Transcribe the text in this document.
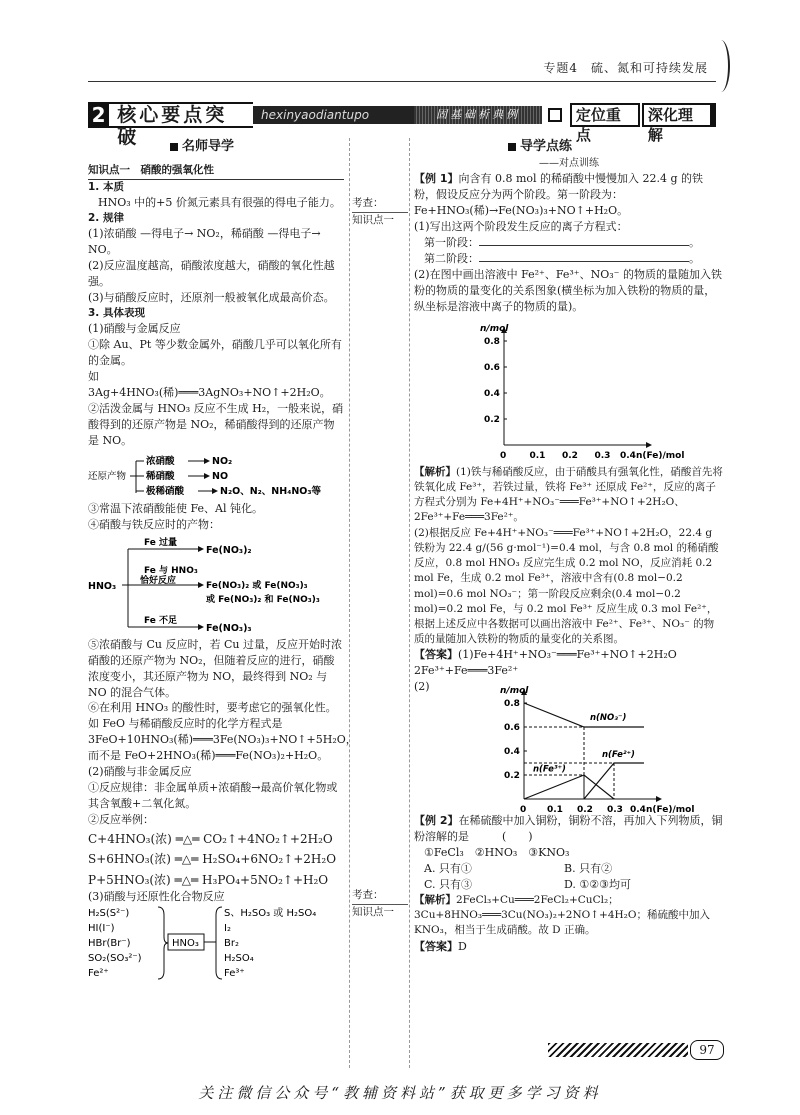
专题4　硫、氮和可持续发展
2 核心要点突破
hexinyaodiantupo	固基础析典例	定位重点
深化理解
考查：
知识点一
考查：
知识点一
名师导学
知识点一　硝酸的强氧化性

1. 本质

HNO₃ 中的+5 价氮元素具有很强的得电子能力。

2. 规律

(1)浓硝酸 —得电子→ NO₂，稀硝酸 —得电子→ NO。

(2)反应温度越高，硝酸浓度越大，硝酸的氧化性越强。

(3)与硝酸反应时，还原剂一般被氧化成最高价态。

3. 具体表现

(1)硝酸与金属反应

①除 Au、Pt 等少数金属外，硝酸几乎可以氧化所有的金属。

如 3Ag+4HNO₃(稀)═══3AgNO₃+NO↑+2H₂O。

②活泼金属与 HNO₃ 反应不生成 H₂，一般来说，硝酸得到的还原产物是 NO₂，稀硝酸得到的还原产物是 NO。

还原产物
浓硝酸
稀硝酸
极稀硝酸
NO₂
NO
N₂O、N₂、NH₄NO₃等

③常温下浓硝酸能使 Fe、Al 钝化。

④硝酸与铁反应时的产物：

HNO₃
Fe 过量
Fe 与 HNO₃
恰好反应
Fe 不足
Fe(NO₃)₂
Fe(NO₃)₂ 或 Fe(NO₃)₃
或 Fe(NO₃)₂ 和 Fe(NO₃)₃
Fe(NO₃)₃

⑤浓硝酸与 Cu 反应时，若 Cu 过量，反应开始时浓硝酸的还原产物为 NO₂，但随着反应的进行，硝酸浓度变小，其还原产物为 NO，最终得到 NO₂ 与 NO 的混合气体。

⑥在利用 HNO₃ 的酸性时，要考虑它的强氧化性。如 FeO 与稀硝酸反应时的化学方程式是 3FeO+10HNO₃(稀)═══3Fe(NO₃)₃+NO↑+5H₂O，而不是 FeO+2HNO₃(稀)═══Fe(NO₃)₂+H₂O。

(2)硝酸与非金属反应

①反应规律：非金属单质+浓硝酸→最高价氧化物或其含氧酸+二氧化氮。

②反应举例：

C+4HNO₃(浓) ═△═ CO₂↑+4NO₂↑+2H₂O

S+6HNO₃(浓) ═△═ H₂SO₄+6NO₂↑+2H₂O

P+5HNO₃(浓) ═△═ H₃PO₄+5NO₂↑+H₂O

(3)硝酸与还原性化合物反应

H₂S(S²⁻)
HI(I⁻)
HBr(Br⁻)
SO₂(SO₃²⁻)
Fe²⁺
HNO₃
S、H₂SO₃ 或 H₂SO₄
I₂
Br₂
H₂SO₄
Fe³⁺
导学点练

——对点训练

【例 1】向含有 0.8 mol 的稀硝酸中慢慢加入 22.4 g 的铁粉，假设反应分为两个阶段。第一阶段为：Fe+HNO₃(稀)→Fe(NO₃)₃+NO↑+H₂O。

(1)写出这两个阶段发生反应的离子方程式：

第一阶段：	。

第二阶段：	。

(2)在图中画出溶液中 Fe²⁺、Fe³⁺、NO₃⁻ 的物质的量随加入铁粉的物质的量变化的关系图象(横坐标为加入铁粉的物质的量，纵坐标是溶液中离子的物质的量)。

n/mol
n(Fe)/mol
0	0.1 0.2 0.3 0.4
0.2
0.4
0.6
0.8

【解析】(1)铁与稀硝酸反应，由于硝酸具有强氧化性，硝酸首先将铁氧化成 Fe³⁺，若铁过量，铁将 Fe³⁺ 还原成 Fe²⁺，反应的离子方程式分别为 Fe+4H⁺+NO₃⁻═══Fe³⁺+NO↑+2H₂O、2Fe³⁺+Fe═══3Fe²⁺。

(2)根据反应 Fe+4H⁺+NO₃⁻═══Fe³⁺+NO↑+2H₂O，22.4 g 铁粉为 22.4 g/(56 g·mol⁻¹)=0.4 mol，与含 0.8 mol 的稀硝酸反应，0.8 mol HNO₃ 反应完生成 0.2 mol NO，反应消耗 0.2 mol Fe，生成 0.2 mol Fe³⁺，溶液中含有(0.8 mol−0.2 mol)=0.6 mol NO₃⁻；第一阶段反应剩余(0.4 mol−0.2 mol)=0.2 mol Fe，与 0.2 mol Fe³⁺ 反应生成 0.3 mol Fe²⁺，根据上述反应中各数据可以画出溶液中 Fe²⁺、Fe³⁺、NO₃⁻ 的物质的量随加入铁粉的物质的量变化的关系图。

【答案】(1)Fe+4H⁺+NO₃⁻═══Fe³⁺+NO↑+2H₂O　2Fe³⁺+Fe═══3Fe²⁺

(2)	n/mol
n(Fe)/mol
0 0.1 0.2 0.3 0.4
0.2
0.4
0.6
0.8
n(NO₃⁻)
n(Fe³⁺)
n(Fe²⁺)

【例 2】在稀硫酸中加入铜粉，铜粉不溶，再加入下列物质，铜粉溶解的是　　　(　　)

①FeCl₃　②HNO₃　③KNO₃

A. 只有①	B. 只有②
C. 只有③	D. ①②③均可

【解析】2FeCl₃+Cu═══2FeCl₂+CuCl₂；3Cu+8HNO₃═══3Cu(NO₃)₂+2NO↑+4H₂O；稀硫酸中加入 KNO₃，相当于生成硝酸。故 D 正确。

【答案】D

97
关注微信公众号“教辅资料站”获取更多学习资料
